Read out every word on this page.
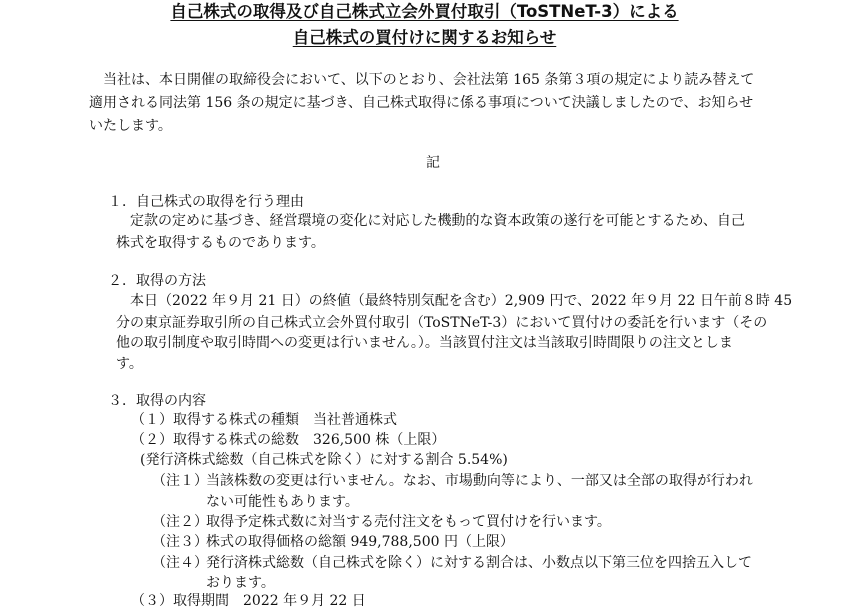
自己株式の取得及び自己株式立会外買付取引（ToSTNeT-3）による
自己株式の買付けに関するお知らせ
当社は、本日開催の取締役会において、以下のとおり、会社法第 165 条第３項の規定により読み替えて
適用される同法第 156 条の規定に基づき、自己株式取得に係る事項について決議しましたので、お知らせ
いたします。
記
１．自己株式の取得を行う理由
定款の定めに基づき、経営環境の変化に対応した機動的な資本政策の遂行を可能とするため、自己
株式を取得するものであります。
２．取得の方法
本日（2022 年９月 21 日）の終値（最終特別気配を含む）2,909 円で、2022 年９月 22 日午前８時 45
分の東京証券取引所の自己株式立会外買付取引（ToSTNeT-3）において買付けの委託を行います（その
他の取引制度や取引時間への変更は行いません。）。当該買付注文は当該取引時間限りの注文としま
す。
３．取得の内容
（１）取得する株式の種類　当社普通株式
（２）取得する株式の総数　326,500 株（上限）
(発行済株式総数（自己株式を除く）に対する割合 5.54%)
（注１）
当該株数の変更は行いません。なお、市場動向等により、一部又は全部の取得が行われ
ない可能性もあります。
（注２）
取得予定株式数に対当する売付注文をもって買付けを行います。
（注３）
株式の取得価格の総額 949,788,500 円（上限）
（注４）
発行済株式総数（自己株式を除く）に対する割合は、小数点以下第三位を四捨五入して
おります。
（３）取得期間　2022 年９月 22 日
